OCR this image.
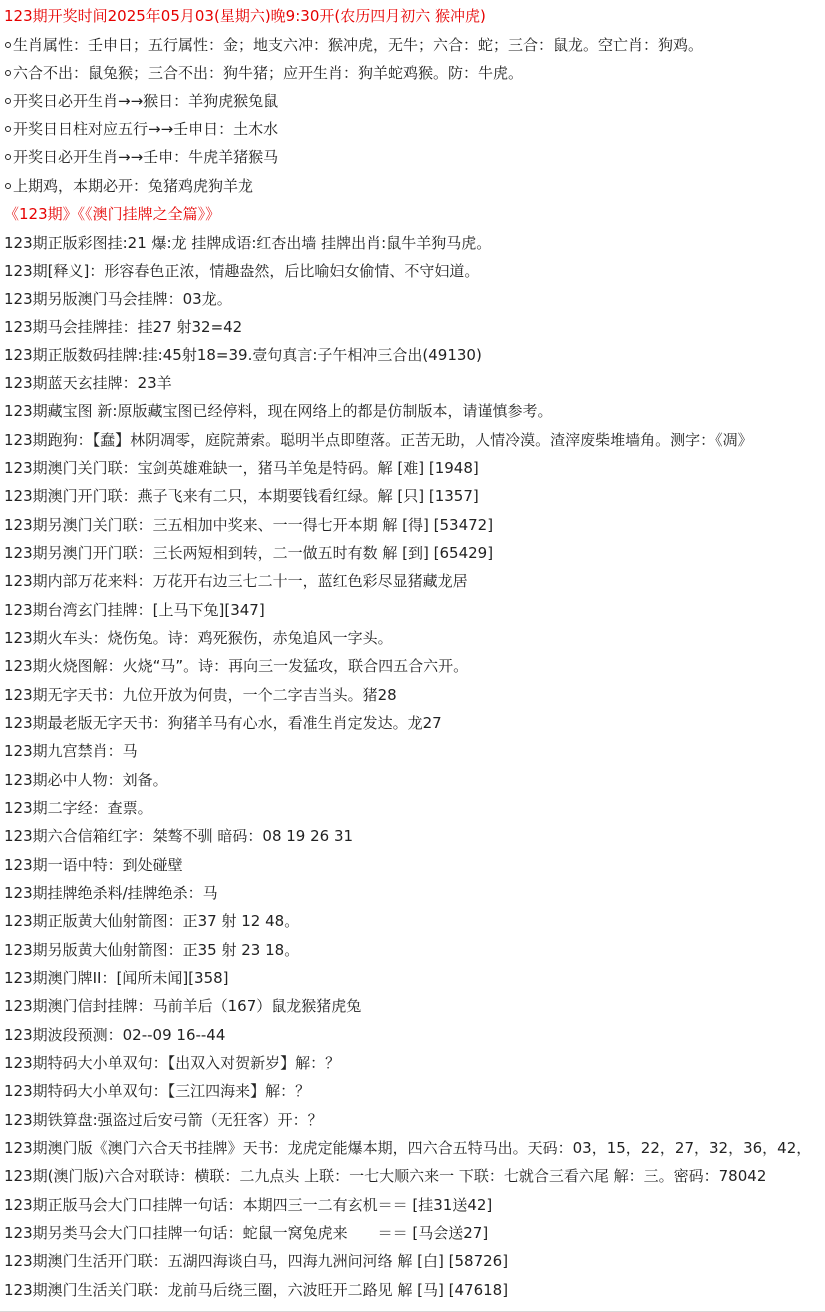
123期开奖时间2025年05月03(星期六)晚9:30开(农历四月初六 猴冲虎)
生肖属性：壬申日；五行属性：金；地支六冲：猴冲虎，无牛；六合：蛇；三合：鼠龙。空亡肖：狗鸡。
六合不出：鼠兔猴；三合不出：狗牛猪；应开生肖：狗羊蛇鸡猴。防：牛虎。
开奖日必开生肖→→猴日：羊狗虎猴兔鼠
开奖日日柱对应五行→→壬申日：土木水
开奖日必开生肖→→壬申：牛虎羊猪猴马
上期鸡，本期必开：兔猪鸡虎狗羊龙
《123期》《《澳门挂牌之全篇》》
123期正版彩图挂:21 爆:龙 挂牌成语:红杏出墙 挂牌出肖:鼠牛羊狗马虎。
123期[释义]：形容春色正浓，情趣盎然，后比喻妇女偷情、不守妇道。
123期另版澳门马会挂牌：03龙。
123期马会挂牌挂：挂27 射32=42
123期正版数码挂牌:挂:45射18=39.壹句真言:子午相冲三合出(49130)
123期蓝天玄挂牌：23羊
123期藏宝图 新:原版藏宝图已经停料，现在网络上的都是仿制版本，请谨慎参考。
123期跑狗：【蠢】林阴凋零，庭院萧索。聪明半点即堕落。正苦无助，人情冷漠。渣滓废柴堆墙角。测字：《凋》
123期澳门关门联：宝剑英雄难缺一，猪马羊兔是特码。解 [难] [1948]
123期澳门开门联：燕子飞来有二只，本期要钱看红绿。解 [只] [1357]
123期另澳门关门联：三五相加中奖来、一一得七开本期 解 [得] [53472]
123期另澳门开门联：三长两短相到转，二一做五时有数 解 [到] [65429]
123期内部万花来料：万花开右边三七二十一，蓝红色彩尽显猪藏龙居
123期台湾玄门挂牌：[上马下兔][347]
123期火车头：烧伤兔。诗：鸡死猴伤，赤兔追风一字头。
123期火烧图解：火烧“马”。诗：再向三一发猛攻，联合四五合六开。
123期无字天书：九位开放为何贵，一个二字吉当头。猪28
123期最老版无字天书：狗猪羊马有心水，看准生肖定发达。龙27
123期九宫禁肖：马
123期必中人物：刘备。
123期二字经：查票。
123期六合信箱红字：桀骜不驯 暗码：08 19 26 31
123期一语中特：到处碰壁
123期挂牌绝杀料/挂牌绝杀：马
123期正版黄大仙射箭图：正37 射 12 48。
123期另版黄大仙射箭图：正35 射 23 18。
123期澳门牌II：[闻所未闻][358]
123期澳门信封挂牌：马前羊后（167）鼠龙猴猪虎兔
123期波段预测：02--09 16--44
123期特码大小单双句：【出双入对贺新岁】解：？
123期特码大小单双句：【三江四海来】解：？
123期铁算盘:强盗过后安弓箭（无狂客）开：？
123期澳门版《澳门六合天书挂牌》天书：龙虎定能爆本期，四六合五特马出。天码：03，15，22，27，32，36，42，
123期(澳门版)六合对联诗：横联：二九点头 上联：一七大顺六来一 下联：七就合三看六尾 解：三。密码：78042
123期正版马会大门口挂牌一句话：本期四三一二有玄机＝＝ [挂31送42]
123期另类马会大门口挂牌一句话：蛇鼠一窝兔虎来　　＝＝ [马会送27]
123期澳门生活开门联：五湖四海谈白马，四海九洲问河络 解 [白] [58726]
123期澳门生活关门联：龙前马后绕三圈，六波旺开二路见 解 [马] [47618]
